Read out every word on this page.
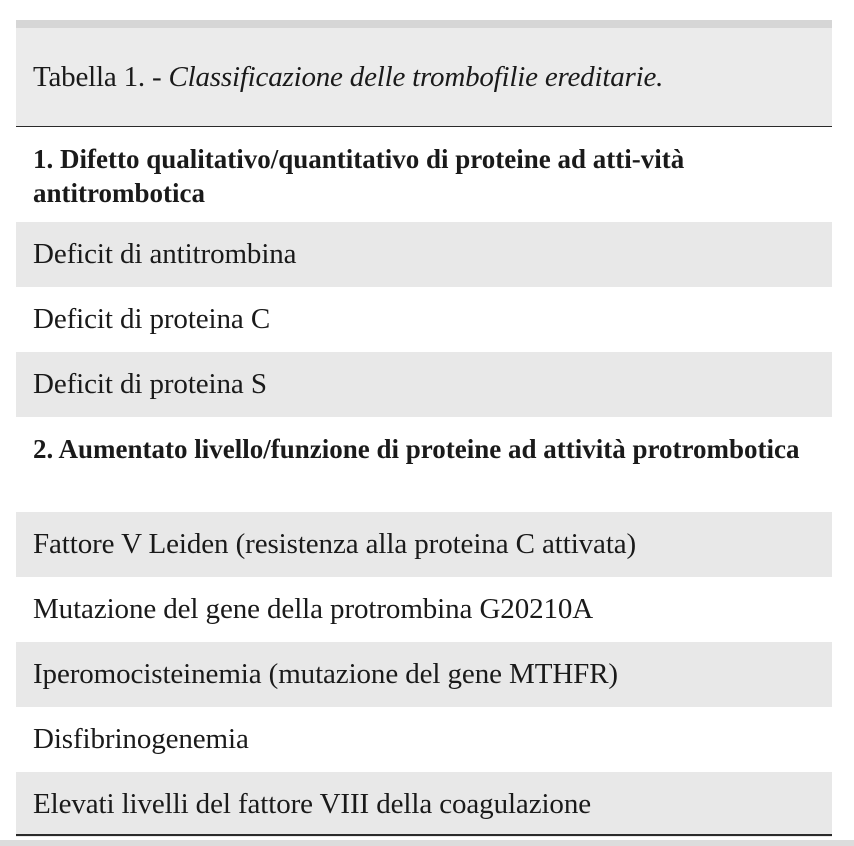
Tabella 1. - Classificazione delle trombofilie ereditarie.
1. Difetto qualitativo/quantitativo di proteine ad atti-vità antitrombotica
Deficit di antitrombina
Deficit di proteina C
Deficit di proteina S
2. Aumentato livello/funzione di proteine ad attività protrombotica
Fattore V Leiden (resistenza alla proteina C attivata)
Mutazione del gene della protrombina G20210A
Iperomocisteinemia (mutazione del gene MTHFR)
Disfibrinogenemia
Elevati livelli del fattore VIII della coagulazione
